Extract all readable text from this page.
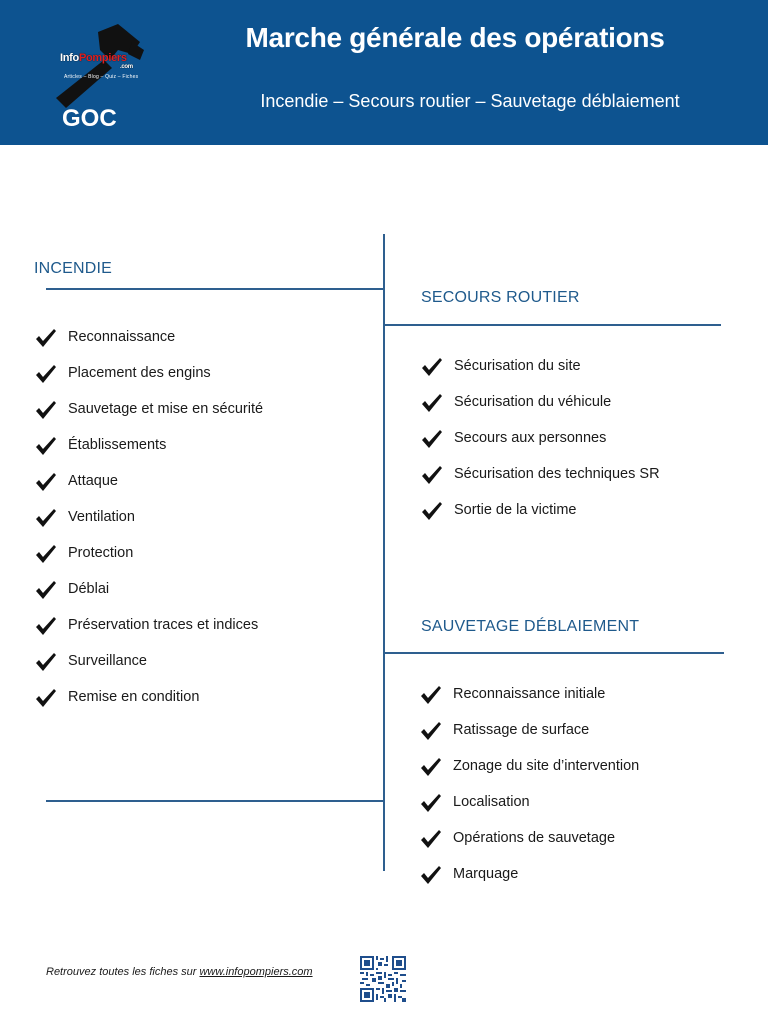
InfoPompiers
.com
Articles – Blog – Quiz – Fiches
GOC
Marche générale des opérations
Incendie – Secours routier – Sauvetage déblaiement
INCENDIE
SECOURS ROUTIER
SAUVETAGE DÉBLAIEMENT
Reconnaissance
Placement des engins
Sauvetage et mise en sécurité
Établissements
Attaque
Ventilation
Protection
Déblai
Préservation traces et indices
Surveillance
Remise en condition
Sécurisation du site
Sécurisation du véhicule
Secours aux personnes
Sécurisation des techniques SR
Sortie de la victime
Reconnaissance initiale
Ratissage de surface
Zonage du site d’intervention
Localisation
Opérations de sauvetage
Marquage
Retrouvez toutes les fiches sur www.infopompiers.com
